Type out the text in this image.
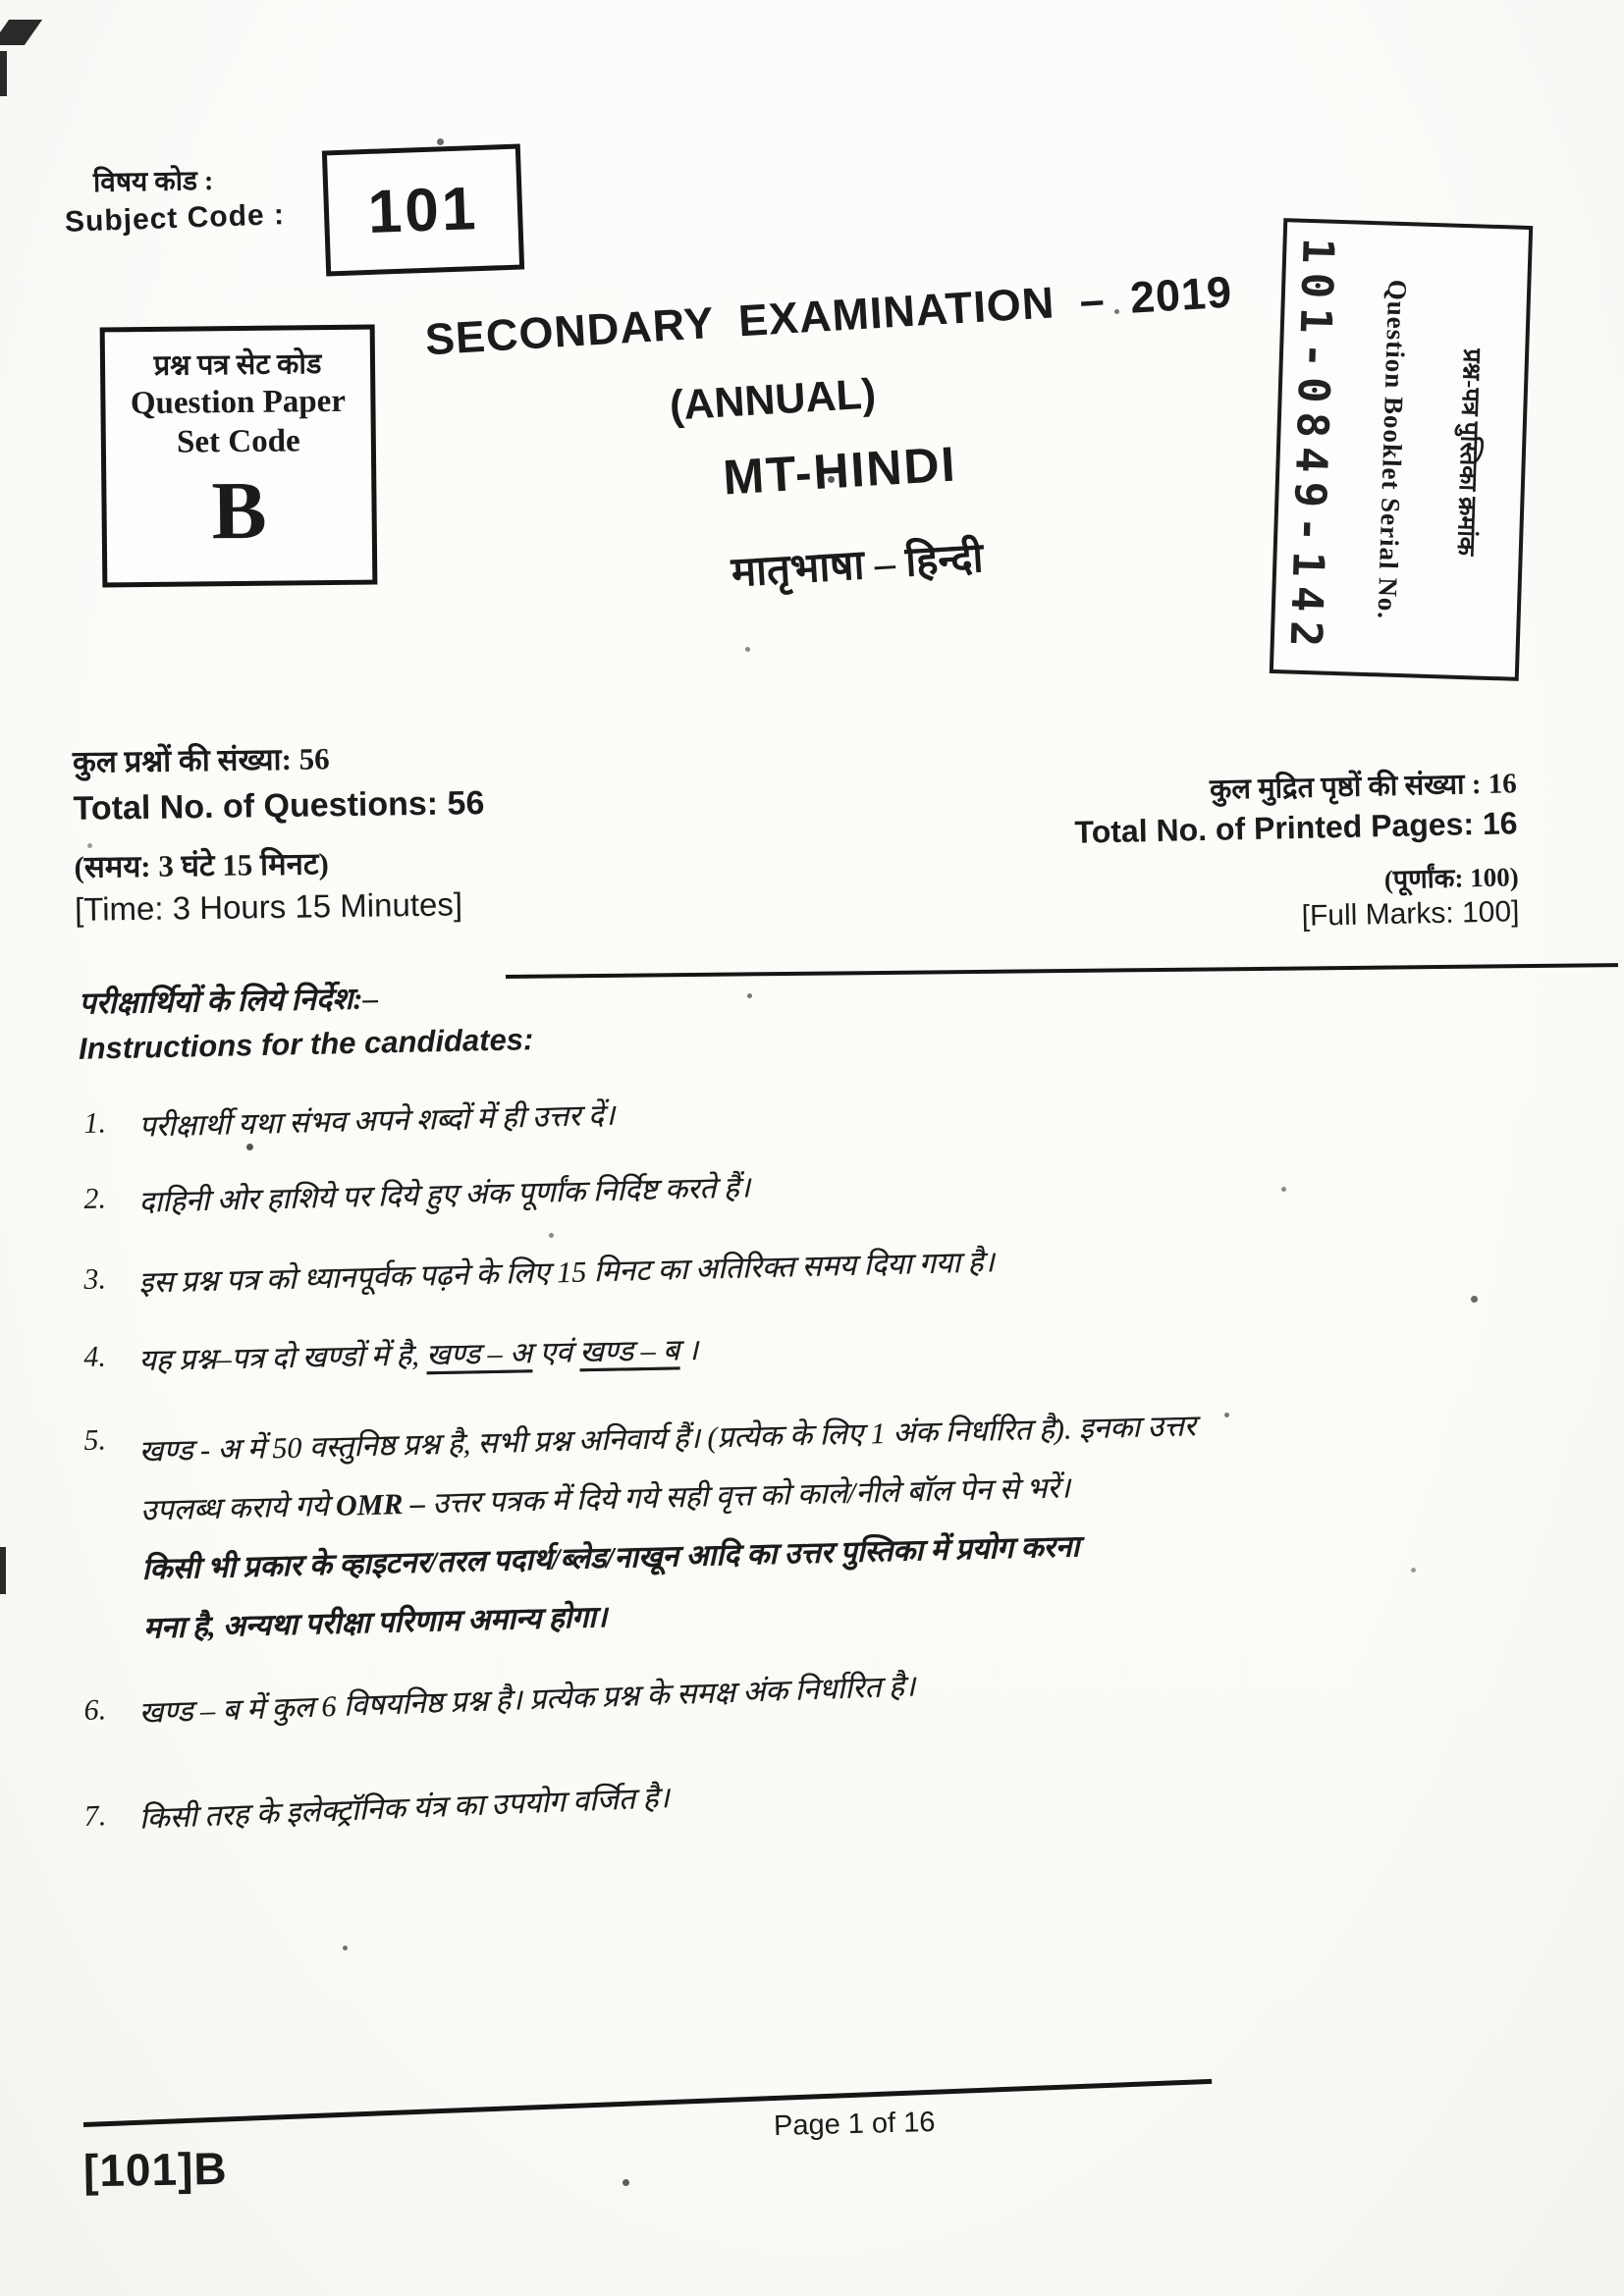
विषय कोड :
Subject Code : 101
प्रश्न पत्र सेट कोड
Question Paper
Set Code
B
SECONDARY EXAMINATION – 2019
(ANNUAL)
MT-HINDI
मातृभाषा – हिन्दी	101-0849-142 Question Booklet Serial No.	प्रश्न-पत्र पुस्तिका क्रमांक
कुल प्रश्नों की संख्या: 56
Total No. of Questions: 56
(समय: 3 घंटे 15 मिनट)
[Time: 3 Hours 15 Minutes]
कुल मुद्रित पृष्ठों की संख्या : 16
Total No. of Printed Pages: 16
(पूर्णांक: 100)
[Full Marks: 100]
परीक्षार्थियों के लिये निर्देश:–
Instructions for the candidates:
1.	परीक्षार्थी यथा संभव अपने शब्दों में ही उत्तर दें।
2.	दाहिनी ओर हाशिये पर दिये हुए अंक पूर्णांक निर्दिष्ट करते हैं।
3.	इस प्रश्न पत्र को ध्यानपूर्वक पढ़ने के लिए 15 मिनट का अतिरिक्त समय दिया गया है।
4.	यह प्रश्न–पत्र दो खण्डों में है, खण्ड – अ एवं खण्ड – ब ।
5.	खण्ड - अ में 50 वस्तुनिष्ठ प्रश्न है, सभी प्रश्न अनिवार्य हैं। (प्रत्येक के लिए 1 अंक निर्धारित है). इनका उत्तर
उपलब्ध कराये गये OMR – उत्तर पत्रक में दिये गये सही वृत्त को काले/नीले बॉल पेन से भरें।
किसी भी प्रकार के व्हाइटनर/तरल पदार्थ/ब्लेड/नाखून आदि का उत्तर पुस्तिका में प्रयोग करना
मना है, अन्यथा परीक्षा परिणाम अमान्य होगा।
6.	खण्ड – ब में कुल 6 विषयनिष्ठ प्रश्न है। प्रत्येक प्रश्न के समक्ष अंक निर्धारित है।
7.	किसी तरह के इलेक्ट्रॉनिक यंत्र का उपयोग वर्जित है।
[101]B
Page 1 of 16
